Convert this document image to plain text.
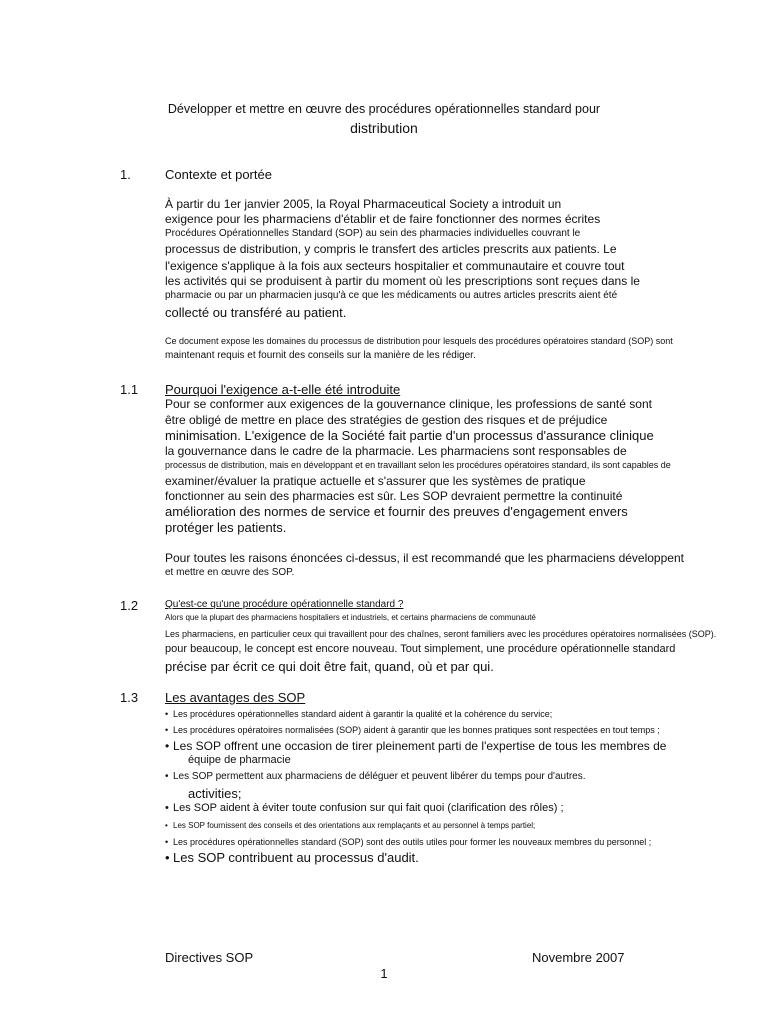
Développer et mettre en œuvre des procédures opérationnelles standard pour
distribution
1.	Contexte et portée
À partir du 1er janvier 2005, la Royal Pharmaceutical Society a introduit un
exigence pour les pharmaciens d'établir et de faire fonctionner des normes écrites
Procédures Opérationnelles Standard (SOP) au sein des pharmacies individuelles couvrant le
processus de distribution, y compris le transfert des articles prescrits aux patients. Le
l'exigence s'applique à la fois aux secteurs hospitalier et communautaire et couvre tout
les activités qui se produisent à partir du moment où les prescriptions sont reçues dans le
pharmacie ou par un pharmacien jusqu'à ce que les médicaments ou autres articles prescrits aient été
collecté ou transféré au patient.
Ce document expose les domaines du processus de distribution pour lesquels des procédures opératoires standard (SOP) sont
maintenant requis et fournit des conseils sur la manière de les rédiger.
1.1 Pourquoi l'exigence a-t-elle été introduite
Pour se conformer aux exigences de la gouvernance clinique, les professions de santé sont
être obligé de mettre en place des stratégies de gestion des risques et de préjudice
minimisation. L'exigence de la Société fait partie d'un processus d'assurance clinique
la gouvernance dans le cadre de la pharmacie. Les pharmaciens sont responsables de
processus de distribution, mais en développant et en travaillant selon les procédures opératoires standard, ils sont capables de
examiner/évaluer la pratique actuelle et s'assurer que les systèmes de pratique
fonctionner au sein des pharmacies est sûr. Les SOP devraient permettre la continuité
amélioration des normes de service et fournir des preuves d'engagement envers
protéger les patients.
Pour toutes les raisons énoncées ci-dessus, il est recommandé que les pharmaciens développent
et mettre en œuvre des SOP.
1.2	Qu'est-ce qu'une procédure opérationnelle standard ?
Alors que la plupart des pharmaciens hospitaliers et industriels, et certains pharmaciens de communauté
Les pharmaciens, en particulier ceux qui travaillent pour des chaînes, seront familiers avec les procédures opératoires normalisées (SOP).
pour beaucoup, le concept est encore nouveau. Tout simplement, une procédure opérationnelle standard
précise par écrit ce qui doit être fait, quand, où et par qui.
1.3 Les avantages des SOP
• Les procédures opérationnelles standard aident à garantir la qualité et la cohérence du service;
• Les procédures opératoires normalisées (SOP) aident à garantir que les bonnes pratiques sont respectées en tout temps ;
• Les SOP offrent une occasion de tirer pleinement parti de l'expertise de tous les membres de
équipe de pharmacie
• Les SOP permettent aux pharmaciens de déléguer et peuvent libérer du temps pour d'autres.
activities;
• Les SOP aident à éviter toute confusion sur qui fait quoi (clarification des rôles) ;
• Les SOP fournissent des conseils et des orientations aux remplaçants et au personnel à temps partiel;
• Les procédures opérationnelles standard (SOP) sont des outils utiles pour former les nouveaux membres du personnel ;
• Les SOP contribuent au processus d'audit.
Directives SOP	Novembre 2007
1
